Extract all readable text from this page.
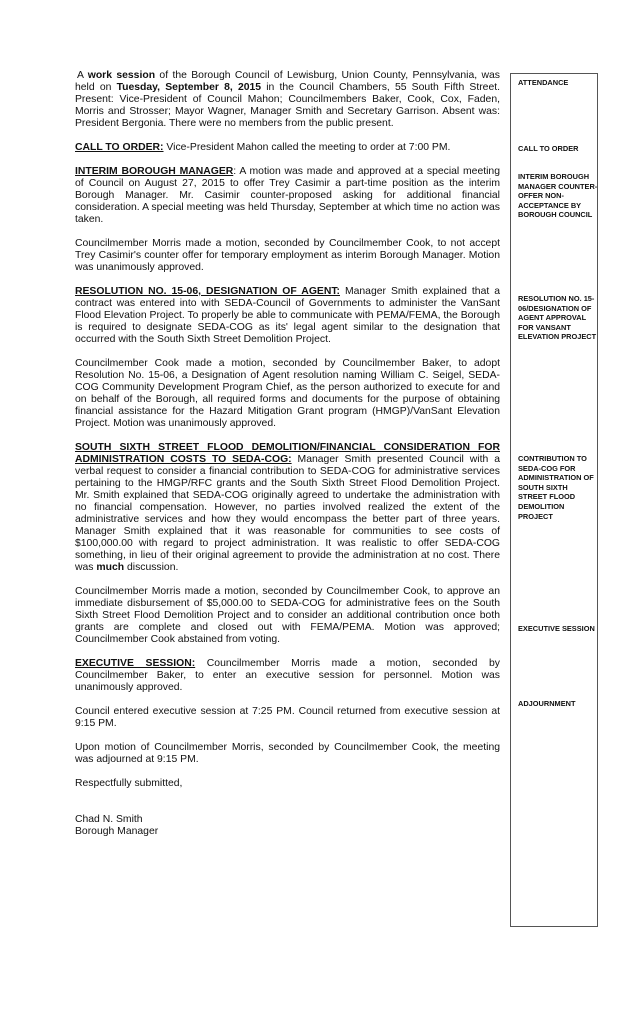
A work session of the Borough Council of Lewisburg, Union County, Pennsylvania, was held on Tuesday, September 8, 2015 in the Council Chambers, 55 South Fifth Street. Present: Vice-President of Council Mahon; Councilmembers Baker, Cook, Cox, Faden, Morris and Strosser; Mayor Wagner, Manager Smith and Secretary Garrison. Absent was: President Bergonia. There were no members from the public present.

CALL TO ORDER: Vice-President Mahon called the meeting to order at 7:00 PM.

INTERIM BOROUGH MANAGER: A motion was made and approved at a special meeting of Council on August 27, 2015 to offer Trey Casimir a part-time position as the interim Borough Manager. Mr. Casimir counter-proposed asking for additional financial consideration. A special meeting was held Thursday, September at which time no action was taken.

Councilmember Morris made a motion, seconded by Councilmember Cook, to not accept Trey Casimir's counter offer for temporary employment as interim Borough Manager. Motion was unanimously approved.

RESOLUTION NO. 15-06, DESIGNATION OF AGENT: Manager Smith explained that a contract was entered into with SEDA-Council of Governments to administer the VanSant Flood Elevation Project. To properly be able to communicate with PEMA/FEMA, the Borough is required to designate SEDA-COG as its' legal agent similar to the designation that occurred with the South Sixth Street Demolition Project.

Councilmember Cook made a motion, seconded by Councilmember Baker, to adopt Resolution No. 15-06, a Designation of Agent resolution naming William C. Seigel, SEDA-COG Community Development Program Chief, as the person authorized to execute for and on behalf of the Borough, all required forms and documents for the purpose of obtaining financial assistance for the Hazard Mitigation Grant program (HMGP)/VanSant Elevation Project. Motion was unanimously approved.

SOUTH SIXTH STREET FLOOD DEMOLITION/FINANCIAL CONSIDERATION FOR ADMINISTRATION COSTS TO SEDA-COG: Manager Smith presented Council with a verbal request to consider a financial contribution to SEDA-COG for administrative services pertaining to the HMGP/RFC grants and the South Sixth Street Flood Demolition Project. Mr. Smith explained that SEDA-COG originally agreed to undertake the administration with no financial compensation. However, no parties involved realized the extent of the administrative services and how they would encompass the better part of three years. Manager Smith explained that it was reasonable for communities to see costs of $100,000.00 with regard to project administration. It was realistic to offer SEDA-COG something, in lieu of their original agreement to provide the administration at no cost. There was much discussion.

Councilmember Morris made a motion, seconded by Councilmember Cook, to approve an immediate disbursement of $5,000.00 to SEDA-COG for administrative fees on the South Sixth Street Flood Demolition Project and to consider an additional contribution once both grants are complete and closed out with FEMA/PEMA. Motion was approved; Councilmember Cook abstained from voting.

EXECUTIVE SESSION: Councilmember Morris made a motion, seconded by Councilmember Baker, to enter an executive session for personnel. Motion was unanimously approved.

Council entered executive session at 7:25 PM. Council returned from executive session at 9:15 PM.

Upon motion of Councilmember Morris, seconded by Councilmember Cook, the meeting was adjourned at 9:15 PM.

Respectfully submitted,

Chad N. Smith
Borough Manager
ATTENDANCE
CALL TO ORDER
INTERIM BOROUGH MANAGER COUNTER-OFFER NON-ACCEPTANCE BY BOROUGH COUNCIL
RESOLUTION NO. 15-06/DESIGNATION OF AGENT APPROVAL FOR VANSANT ELEVATION PROJECT
CONTRIBUTION TO SEDA-COG FOR ADMINISTRATION OF SOUTH SIXTH STREET FLOOD DEMOLITION PROJECT
EXECUTIVE SESSION
ADJOURNMENT
